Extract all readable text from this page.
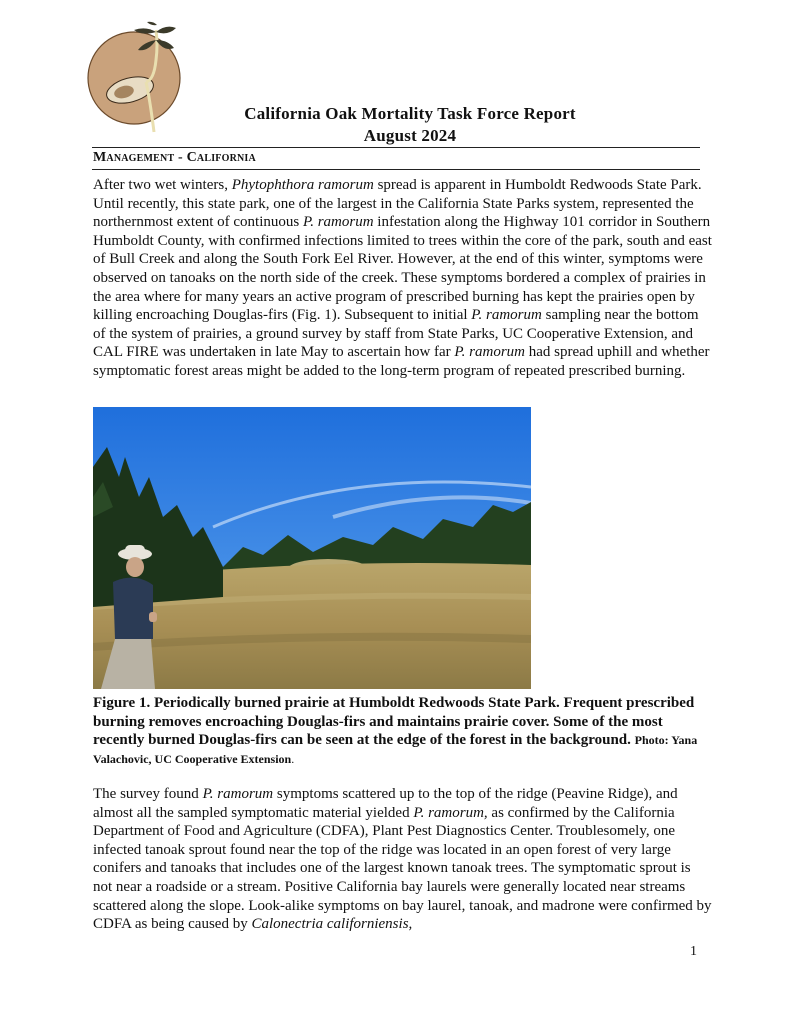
California Oak Mortality Task Force Report
August 2024
Management - California

After two wet winters, Phytophthora ramorum spread is apparent in Humboldt Redwoods State Park. Until recently, this state park, one of the largest in the California State Parks system, represented the northernmost extent of continuous P. ramorum infestation along the Highway 101 corridor in Southern Humboldt County, with confirmed infections limited to trees within the core of the park, south and east of Bull Creek and along the South Fork Eel River. However, at the end of this winter, symptoms were observed on tanoaks on the north side of the creek. These symptoms bordered a complex of prairies in the area where for many years an active program of prescribed burning has kept the prairies open by killing encroaching Douglas-firs (Fig. 1). Subsequent to initial P. ramorum sampling near the bottom of the system of prairies, a ground survey by staff from State Parks, UC Cooperative Extension, and CAL FIRE was undertaken in late May to ascertain how far P. ramorum had spread uphill and whether symptomatic forest areas might be added to the long-term program of repeated prescribed burning.

Figure 1. Periodically burned prairie at Humboldt Redwoods State Park. Frequent prescribed burning removes encroaching Douglas-firs and maintains prairie cover. Some of the most recently burned Douglas-firs can be seen at the edge of the forest in the background. Photo: Yana Valachovic, UC Cooperative Extension.

The survey found P. ramorum symptoms scattered up to the top of the ridge (Peavine Ridge), and almost all the sampled symptomatic material yielded P. ramorum, as confirmed by the California Department of Food and Agriculture (CDFA), Plant Pest Diagnostics Center. Troublesomely, one infected tanoak sprout found near the top of the ridge was located in an open forest of very large conifers and tanoaks that includes one of the largest known tanoak trees. The symptomatic sprout is not near a roadside or a stream. Positive California bay laurels were generally located near streams scattered along the slope. Look-alike symptoms on bay laurel, tanoak, and madrone were confirmed by CDFA as being caused by Calonectria californiensis,

1
